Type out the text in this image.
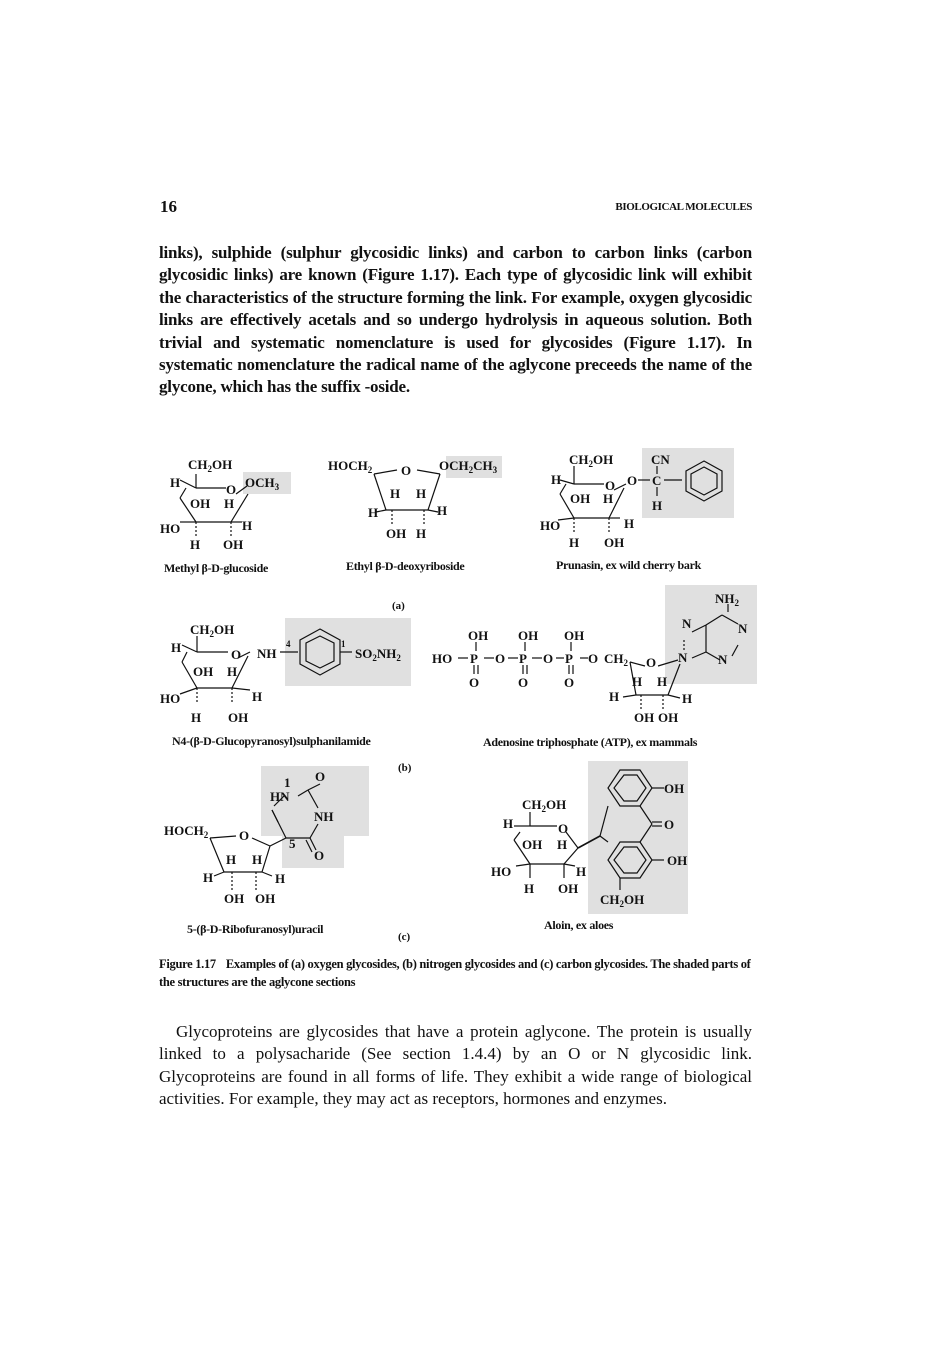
16	BIOLOGICAL MOLECULES
links), sulphide (sulphur glycosidic links) and carbon to carbon links (carbon glycosidic links) are known (Figure 1.17). Each type of glycosidic link will exhibit the characteristics of the structure forming the link. For example, oxygen glycosidic links are effectively acetals and so undergo hydrolysis in aqueous solution. Both trivial and systematic nomenclature is used for glycosides (Figure 1.17). In systematic nomenclature the radical name of the aglycone preceeds the name of the glycone, which has the suffix -oside.
$CH_2OH$
H	O $OCH_3$
OH H
HO	H
H OH
Methyl β-D-glucoside
$HOCH_2$ O $OCH_2CH_3$
H H
H	H
OH H
Ethyl β-D-deoxyriboside
$CH_2OH$
H	O O
CN
C
H
OH H
HO	H
H OH
Prunasin, ex wild cherry bark
(a)
$CH_2OH$
H	O NH
4	1
$SO_2NH_2$
OH H
HO	H
H OH
N4-(β-D-Glucopyranosyl)sulphanilamide
OH OH OH
HO P O P O P O $CH_2$ O
O	O	O
$NH_2$
N	N
N N
H H
H	H
OH OH
Adenosine triphosphate (ATP), ex mammals
(b)
1 O
HN
NH
$HOCH_2$ O
5
O
H H
H	H
OH OH
5-(β-D-Ribofuranosyl)uracil
(c)
OH
$CH_2OH$
H	O	O
OH H
OH
HO	H
H OH
$CH_2OH$
Aloin, ex aloes
Figure 1.17 Examples of (a) oxygen glycosides, (b) nitrogen glycosides and (c) carbon glycosides. The shaded parts of the structures are the aglycone sections
Glycoproteins are glycosides that have a protein aglycone. The protein is usually linked to a polysacharide (See section 1.4.4) by an O or N glycosidic link. Glycoproteins are found in all forms of life. They exhibit a wide range of biological activities. For example, they may act as receptors, hormones and enzymes.
